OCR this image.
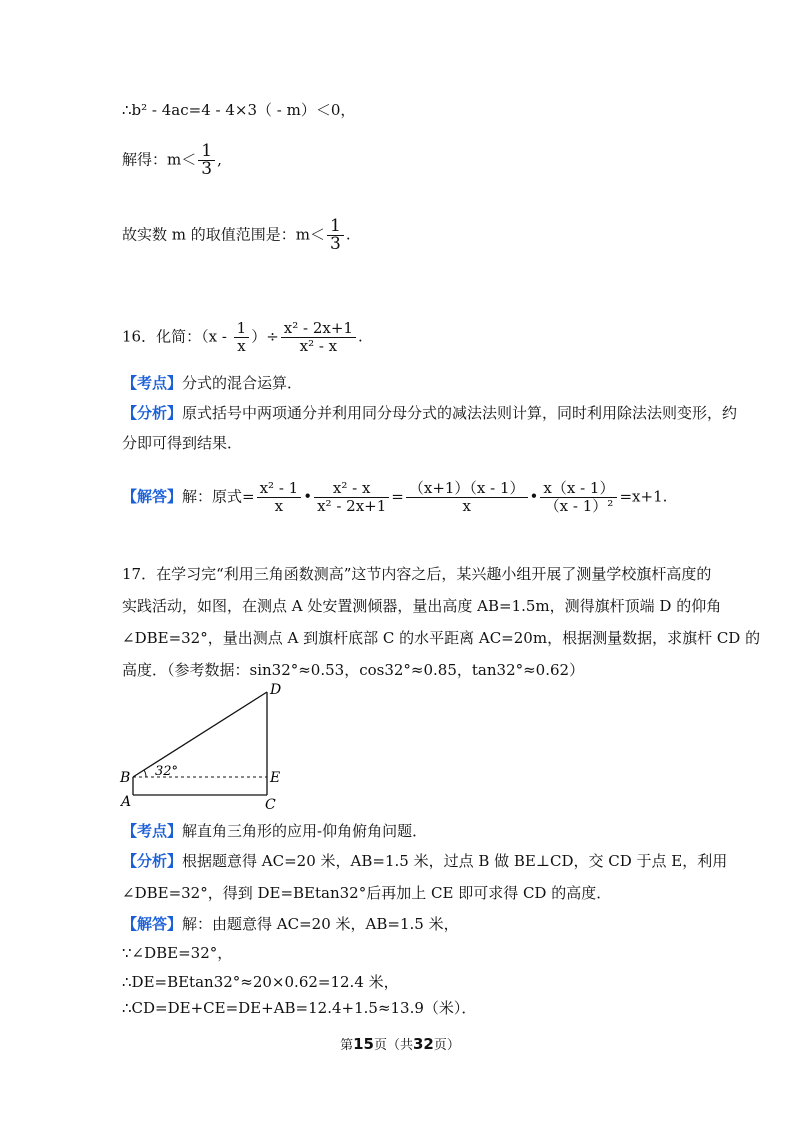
∴b² ‑ 4ac=4 ‑ 4×3（ ‑ m）＜0，
解得：$m< \frac{1}{3}$ ,
故实数 m 的取值范围是：$m< \frac{1}{3}$ .
16．化简：（x ‑ $\frac{1}{x}$ ）÷ $\frac{\text{x² ‑ 2x+1}}{\text{x² ‑ x}}$ .
【考点】分式的混合运算．
【分析】原式括号中两项通分并利用同分母分式的减法法则计算，同时利用除法法则变形，约
分即可得到结果．
【解答】解：原式= $\frac{\text{x² ‑ 1}}{x}$ • $\frac{\text{x² ‑ x}}{\text{x² ‑ 2x+1}} = \frac{(x+1)(x ‑ 1)}{x}$ • $\frac{x(x ‑ 1)}{\text{（x ‑ 1）²}} =x+1$.
17．在学习完“利用三角函数测高”这节内容之后，某兴趣小组开展了测量学校旗杆高度的
实践活动，如图，在测点 A 处安置测倾器，量出高度 AB=1.5m，测得旗杆顶端 D 的仰角
∠DBE=32°，量出测点 A 到旗杆底部 C 的水平距离 AC=20m，根据测量数据，求旗杆 CD 的
高度．（参考数据：sin32°≈0.53，cos32°≈0.85，tan32°≈0.62）
32°
D
B	E
A	C
【考点】解直角三角形的应用‑仰角俯角问题．
【分析】根据题意得 AC=20 米，AB=1.5 米，过点 B 做 BE⊥CD，交 CD 于点 E，利用
∠DBE=32°，得到 DE=BEtan32°后再加上 CE 即可求得 CD 的高度．
【解答】解：由题意得 AC=20 米，AB=1.5 米，
∵∠DBE=32°，
∴DE=BEtan32°≈20×0.62=12.4 米，
∴CD=DE+CE=DE+AB=12.4+1.5≈13.9（米）．
第15页（共32页）
